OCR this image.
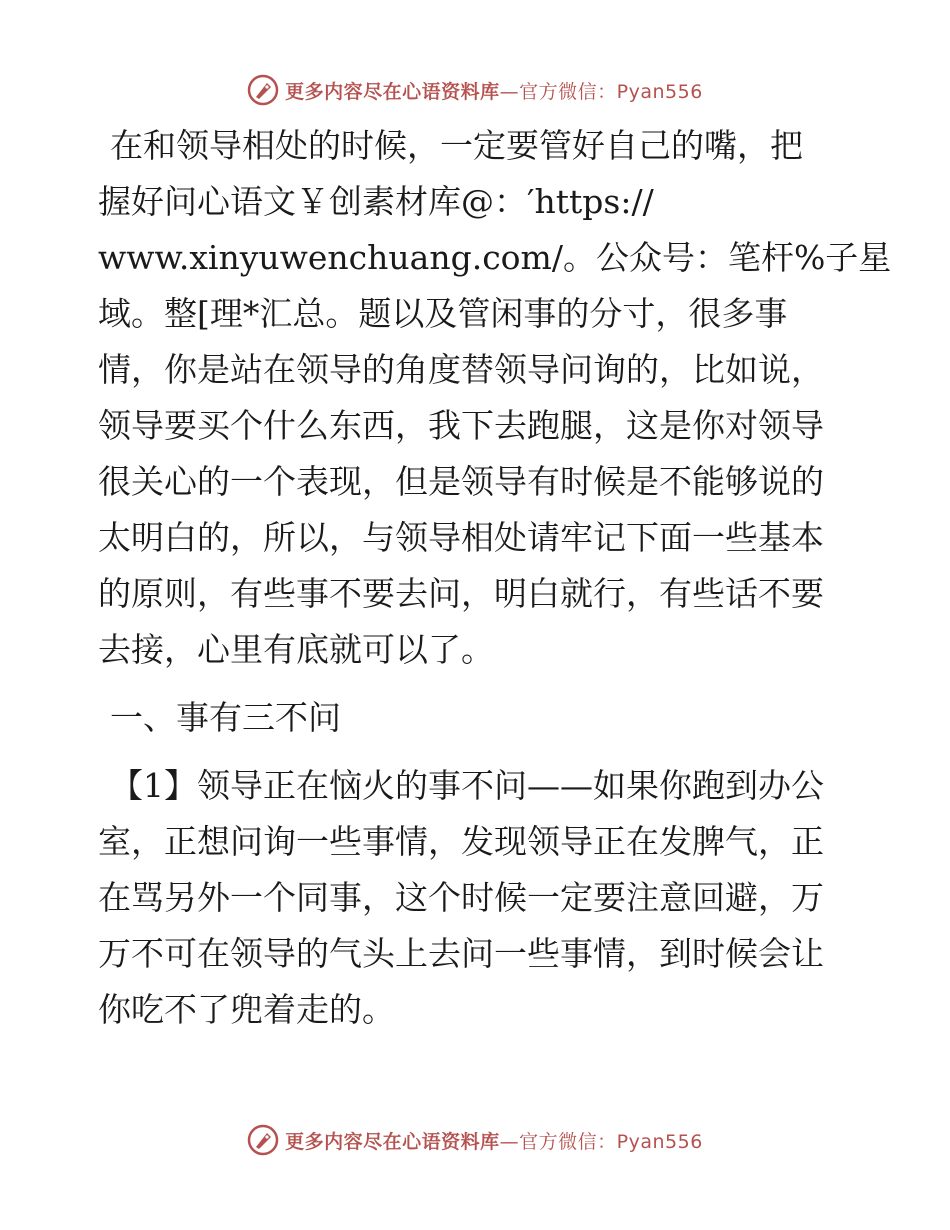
更多内容尽在心语资料库—官方微信：Pyan556
在和领导相处的时候，一定要管好自己的嘴，把
握好问心语文￥创素材库@：′https://
www.xinyuwenchuang.com/。公众号：笔杆%子星
域。整[理*汇总。题以及管闲事的分寸，很多事
情，你是站在领导的角度替领导问询的，比如说，
领导要买个什么东西，我下去跑腿，这是你对领导
很关心的一个表现，但是领导有时候是不能够说的
太明白的，所以，与领导相处请牢记下面一些基本
的原则，有些事不要去问，明白就行，有些话不要
去接，心里有底就可以了。
一、事有三不问
【1】领导正在恼火的事不问——如果你跑到办公
室，正想问询一些事情，发现领导正在发脾气，正
在骂另外一个同事，这个时候一定要注意回避，万
万不可在领导的气头上去问一些事情，到时候会让
你吃不了兜着走的。
更多内容尽在心语资料库—官方微信：Pyan556
